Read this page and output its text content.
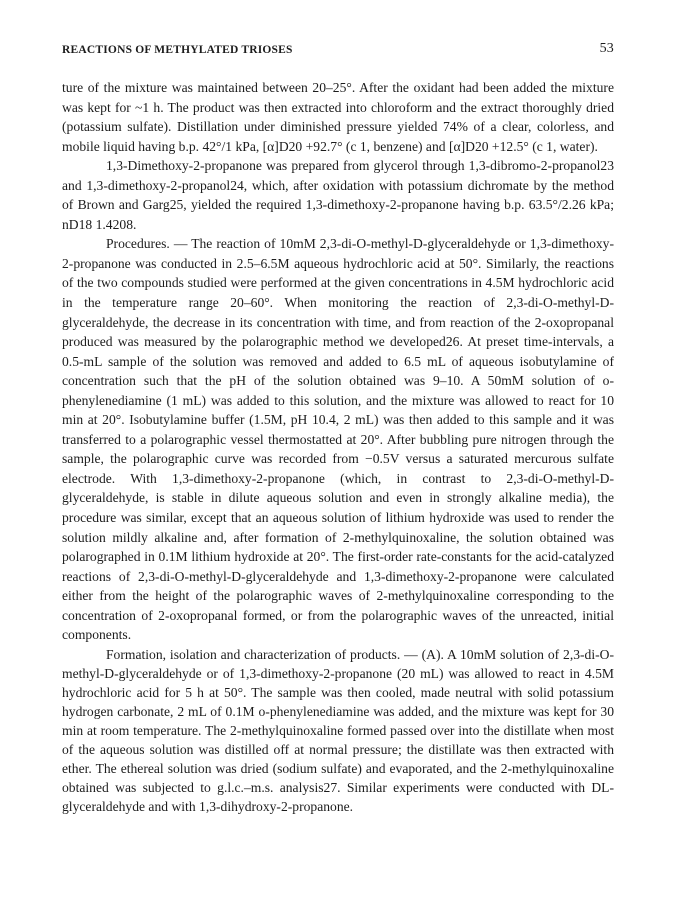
REACTIONS OF METHYLATED TRIOSES	53

ture of the mixture was maintained between 20–25°. After the oxidant had been added the mixture was kept for ~1 h. The product was then extracted into chloroform and the extract thoroughly dried (potassium sulfate). Distillation under diminished pressure yielded 74% of a clear, colorless, and mobile liquid having b.p. 42°/1 kPa, [α]D20 +92.7° (c 1, benzene) and [α]D20 +12.5° (c 1, water).

1,3-Dimethoxy-2-propanone was prepared from glycerol through 1,3-dibromo-2-propanol23 and 1,3-dimethoxy-2-propanol24, which, after oxidation with potassium dichromate by the method of Brown and Garg25, yielded the required 1,3-dimethoxy-2-propanone having b.p. 63.5°/2.26 kPa; nD18 1.4208.

Procedures. — The reaction of 10mM 2,3-di-O-methyl-D-glyceraldehyde or 1,3-dimethoxy-2-propanone was conducted in 2.5–6.5M aqueous hydrochloric acid at 50°. Similarly, the reactions of the two compounds studied were performed at the given concentrations in 4.5M hydrochloric acid in the temperature range 20–60°. When monitoring the reaction of 2,3-di-O-methyl-D-glyceraldehyde, the decrease in its concentration with time, and from reaction of the 2-oxopropanal produced was measured by the polarographic method we developed26. At preset time-intervals, a 0.5-mL sample of the solution was removed and added to 6.5 mL of aqueous isobutylamine of concentration such that the pH of the solution obtained was 9–10. A 50mM solution of o-phenylenediamine (1 mL) was added to this solution, and the mixture was allowed to react for 10 min at 20°. Isobutylamine buffer (1.5M, pH 10.4, 2 mL) was then added to this sample and it was transferred to a polarographic vessel thermostatted at 20°. After bubbling pure nitrogen through the sample, the polarographic curve was recorded from −0.5V versus a saturated mercurous sulfate electrode. With 1,3-dimethoxy-2-propanone (which, in contrast to 2,3-di-O-methyl-D-glyceraldehyde, is stable in dilute aqueous solution and even in strongly alkaline media), the procedure was similar, except that an aqueous solution of lithium hydroxide was used to render the solution mildly alkaline and, after formation of 2-methylquinoxaline, the solution obtained was polarographed in 0.1M lithium hydroxide at 20°. The first-order rate-constants for the acid-catalyzed reactions of 2,3-di-O-methyl-D-glyceraldehyde and 1,3-dimethoxy-2-propanone were calculated either from the height of the polarographic waves of 2-methylquinoxaline corresponding to the concentration of 2-oxopropanal formed, or from the polarographic waves of the unreacted, initial components.

Formation, isolation and characterization of products. — (A). A 10mM solution of 2,3-di-O-methyl-D-glyceraldehyde or of 1,3-dimethoxy-2-propanone (20 mL) was allowed to react in 4.5M hydrochloric acid for 5 h at 50°. The sample was then cooled, made neutral with solid potassium hydrogen carbonate, 2 mL of 0.1M o-phenylenediamine was added, and the mixture was kept for 30 min at room temperature. The 2-methylquinoxaline formed passed over into the distillate when most of the aqueous solution was distilled off at normal pressure; the distillate was then extracted with ether. The ethereal solution was dried (sodium sulfate) and evaporated, and the 2-methylquinoxaline obtained was subjected to g.l.c.–m.s. analysis27. Similar experiments were conducted with DL-glyceraldehyde and with 1,3-dihydroxy-2-propanone.
